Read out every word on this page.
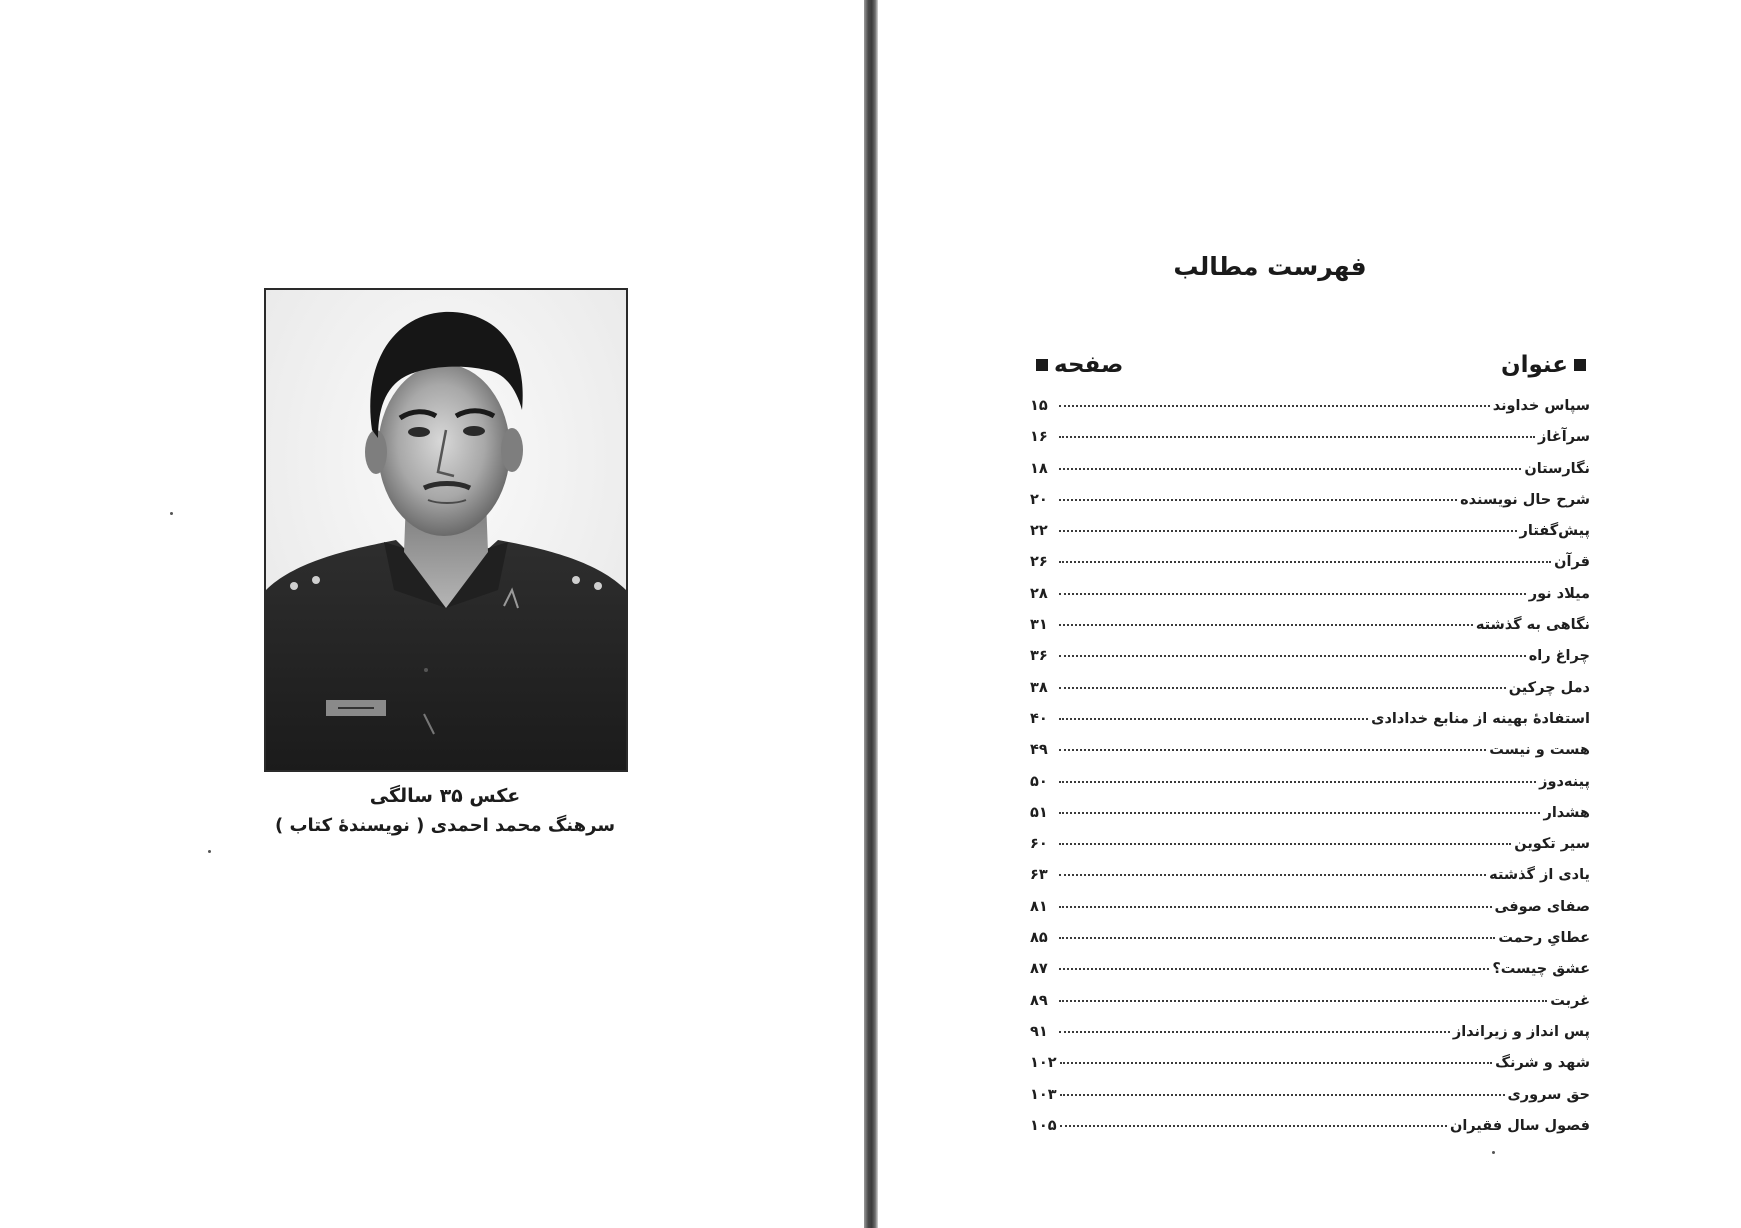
عکس ۳۵ سالگی
سرهنگ محمد احمدی ( نویسندهٔ کتاب )
فهرست مطالب
عنوان
صفحه
سپاس خداوند
۱۵
سرآغاز
۱۶
نگارستان
۱۸
شرح حال نویسنده
۲۰
پیش‌گفتار
۲۲
قرآن
۲۶
میلاد نور
۲۸
نگاهی به گذشته
۳۱
چراغ راه
۳۶
دمل چرکین
۳۸
استفادهٔ بهینه از منابع خدادادی
۴۰
هست و نیست
۴۹
پینه‌دوز
۵۰
هشدار
۵۱
سیر تکوین
۶۰
یادی از گذشته
۶۳
صفای صوفی
۸۱
عطایِ رحمت
۸۵
عشق چیست؟
۸۷
غربت
۸۹
پس انداز و زیرانداز
۹۱
شهد و شرنگ
۱۰۲
حق سروری
۱۰۳
فصول سال فقیران
۱۰۵
